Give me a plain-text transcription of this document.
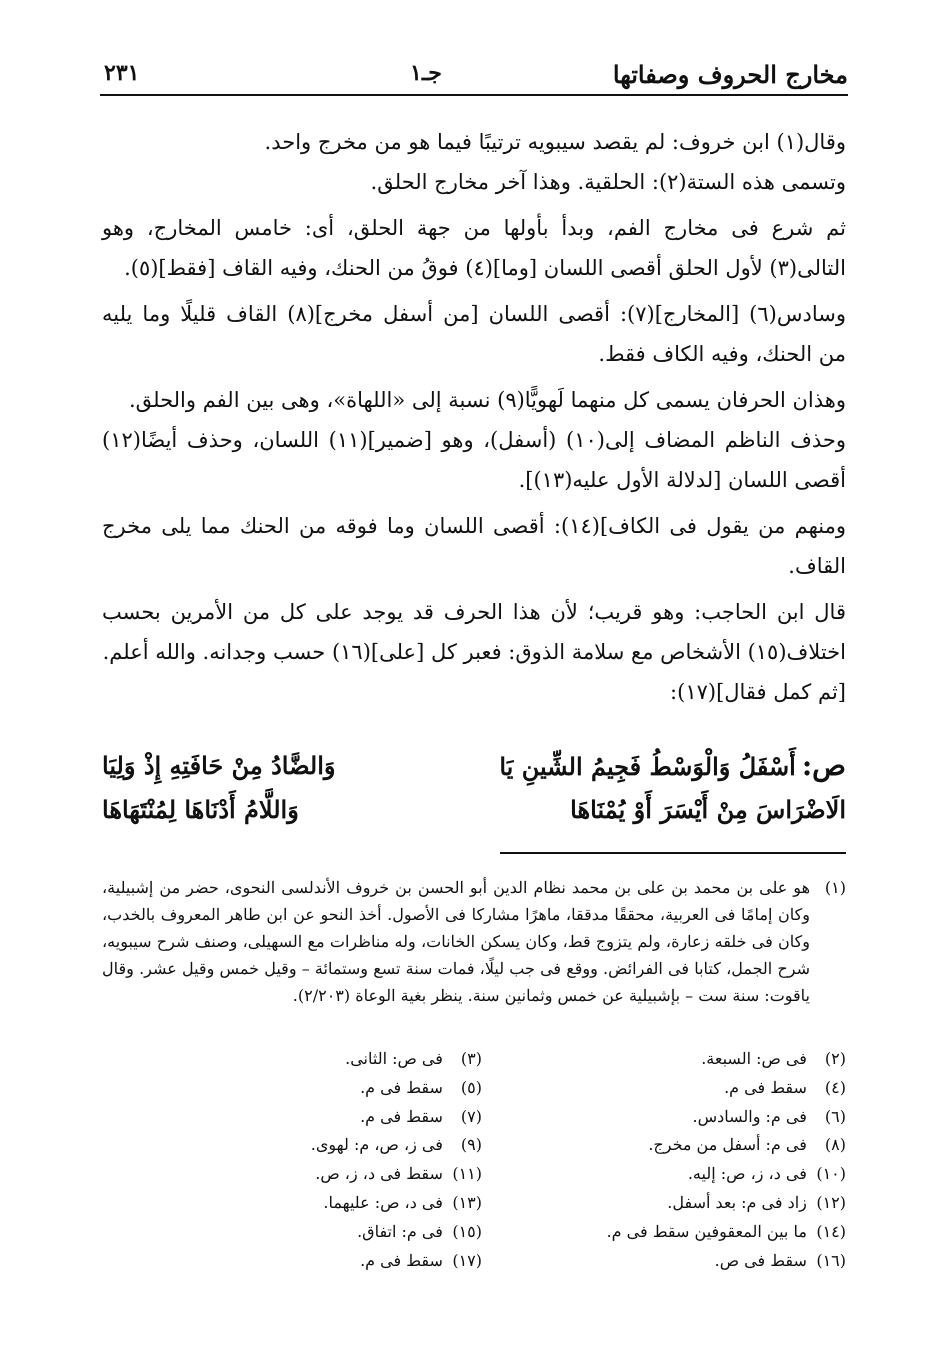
مخارج الحروف وصفاتها
جـ١
٢٣١

وقال(١) ابن خروف: لم يقصد سيبويه ترتيبًا فيما هو من مخرج واحد.

وتسمى هذه الستة(٢): الحلقية. وهذا آخر مخارج الحلق.

ثم شرع فى مخارج الفم، وبدأ بأولها من جهة الحلق، أى: خامس المخارج، وهو التالى(٣) لأول الحلق أقصى اللسان [وما](٤) فوقُ من الحنك، وفيه القاف [فقط](٥).

وسادس(٦) [المخارج](٧): أقصى اللسان [من أسفل مخرج](٨) القاف قليلًا وما يليه من الحنك، وفيه الكاف فقط.

وهذان الحرفان يسمى كل منهما لَهويًّا(٩) نسبة إلى «اللهاة»، وهى بين الفم والحلق.

وحذف الناظم المضاف إلى(١٠) (أسفل)، وهو [ضمير](١١) اللسان، وحذف أيضًا(١٢) أقصى اللسان [لدلالة الأول عليه(١٣)].

ومنهم من يقول فى الكاف](١٤): أقصى اللسان وما فوقه من الحنك مما يلى مخرج القاف.

قال ابن الحاجب: وهو قريب؛ لأن هذا الحرف قد يوجد على كل من الأمرين بحسب اختلاف(١٥) الأشخاص مع سلامة الذوق: فعبر كل [على](١٦) حسب وجدانه. والله أعلم.

[ثم كمل فقال](١٧):

ص:أَسْفَلُ وَالْوَسْطُ فَجِيمُ الشِّينِ يَا
وَالضَّادُ مِنْ حَافَتِهِ إِذْ وَلِيَا
الَاضْرَاسَ مِنْ أَيْسَرَ أَوْ يُمْنَاهَا
وَاللَّامُ أَدْنَاهَا لِمُنْتَهَاهَا
(١)
هو على بن محمد بن على بن محمد نظام الدين أبو الحسن بن خروف الأندلسى النحوى، حضر من إشبيلية، وكان إمامًا فى العربية، محققًا مدققا، ماهرًا مشاركا فى الأصول. أخذ النحو عن ابن طاهر المعروف بالخدب، وكان فى خلقه زعارة، ولم يتزوج قط، وكان يسكن الخانات، وله مناظرات مع السهيلى، وصنف شرح سيبويه، شرح الجمل، كتابا فى الفرائض. ووقع فى جب ليلًا، فمات سنة تسع وستمائة – وقيل خمس وقيل عشر. وقال ياقوت: سنة ست – بإشبيلية عن خمس وثمانين سنة. ينظر بغية الوعاة (٢/٢٠٣).
(٢) فى ص: السبعة.
(٣) فى ص: الثانى.
(٤) سقط فى م.
(٥) سقط فى م.
(٦) فى م: والسادس.
(٧) سقط فى م.
(٨) فى م: أسفل من مخرج.
(٩) فى ز، ص، م: لهوى.
(١٠) فى د، ز، ص: إليه.
(١١) سقط فى د، ز، ص.
(١٢) زاد فى م: بعد أسفل.
(١٣) فى د، ص: عليهما.
(١٤) ما بين المعقوفين سقط فى م.
(١٥) فى م: اتفاق.
(١٦) سقط فى ص.
(١٧) سقط فى م.
